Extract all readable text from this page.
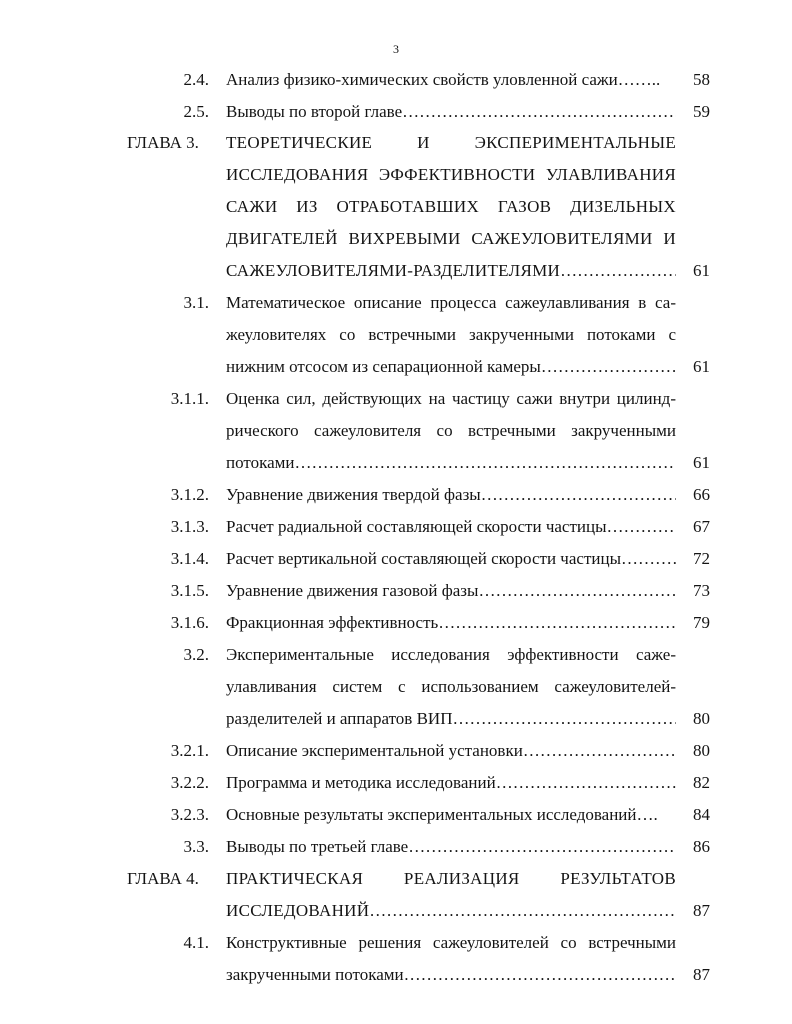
3
2.4. Анализ физико-химических свойств уловленной сажи……..	58
2.5. Выводы по второй главе …………………………………………………………………………………………………………………………………………	59
ГЛАВА 3. ТЕОРЕТИЧЕСКИЕ И ЭКСПЕРИМЕНТАЛЬНЫЕ
ИССЛЕДОВАНИЯ ЭФФЕКТИВНОСТИ УЛАВЛИВАНИЯ
САЖИ ИЗ ОТРАБОТАВШИХ ГАЗОВ ДИЗЕЛЬНЫХ
ДВИГАТЕЛЕЙ ВИХРЕВЫМИ САЖЕУЛОВИТЕЛЯМИ И
САЖЕУЛОВИТЕЛЯМИ-РАЗДЕЛИТЕЛЯМИ …………………………………………………………………………………………………………………………………………	61
3.1. Математическое описание процесса сажеулавливания в са-
жеуловителях со встречными закрученными потоками с
нижним отсосом из сепарационной камеры …………………………………………………………………………………………………………………………………………	61
3.1.1. Оценка сил, действующих на частицу сажи внутри цилинд-
рического сажеуловителя со встречными закрученными
потоками …………………………………………………………………………………………………………………………………………	61
3.1.2. Уравнение движения твердой фазы …………………………………………………………………………………………………………………………………………	66
3.1.3. Расчет радиальной составляющей скорости частицы …………………………………………………………………………………………………………………………………………	67
3.1.4. Расчет вертикальной составляющей скорости частицы …………………………………………………………………………………………………………………………………………	72
3.1.5. Уравнение движения газовой фазы …………………………………………………………………………………………………………………………………………	73
3.1.6. Фракционная эффективность …………………………………………………………………………………………………………………………………………	79
3.2. Экспериментальные исследования эффективности саже-
улавливания систем с использованием сажеуловителей-
разделителей и аппаратов ВИП …………………………………………………………………………………………………………………………………………	80
3.2.1. Описание экспериментальной установки …………………………………………………………………………………………………………………………………………	80
3.2.2. Программа и методика исследований …………………………………………………………………………………………………………………………………………	82
3.2.3. Основные результаты экспериментальных исследований….	84
3.3. Выводы по третьей главе …………………………………………………………………………………………………………………………………………	86
ГЛАВА 4. ПРАКТИЧЕСКАЯ РЕАЛИЗАЦИЯ РЕЗУЛЬТАТОВ
ИССЛЕДОВАНИЙ …………………………………………………………………………………………………………………………………………	87
4.1. Конструктивные решения сажеуловителей со встречными
закрученными потоками …………………………………………………………………………………………………………………………………………	87
